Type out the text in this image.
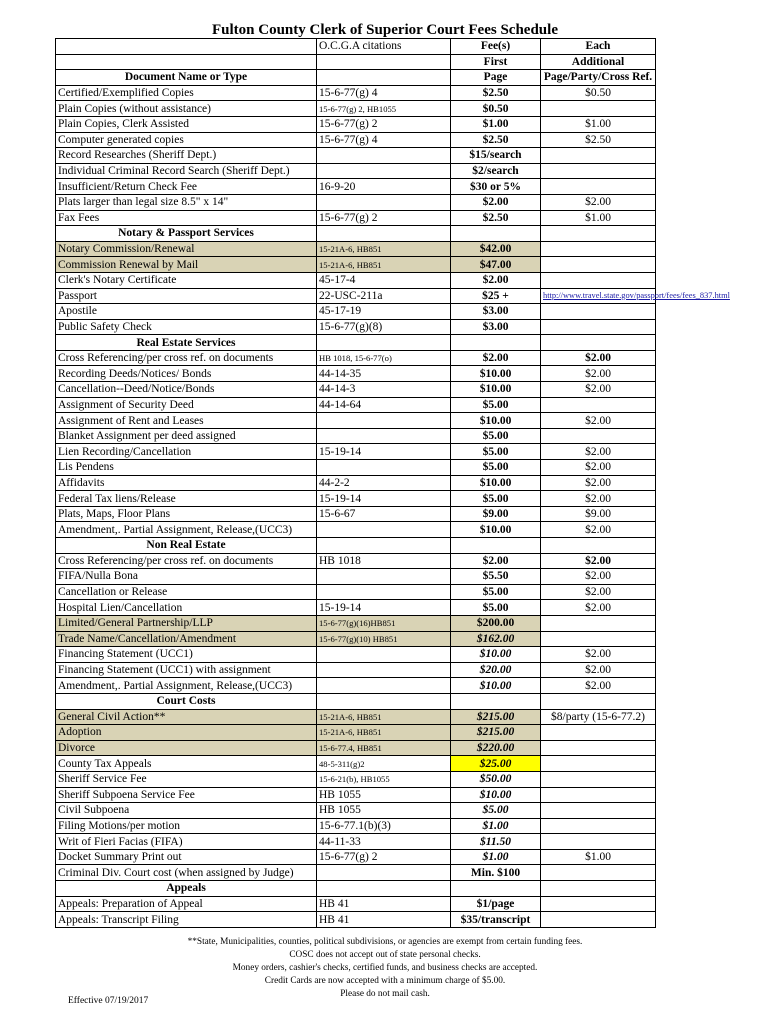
Fulton County Clerk of Superior Court Fees Schedule
	O.C.G.A citations	Fee(s)	Each
		First	Additional
Document Name or Type		Page	Page/Party/Cross Ref.
Certified/Exemplified Copies	15-6-77(g) 4	$2.50	$0.50
Plain Copies (without assistance)	15-6-77(g) 2, HB1055	$0.50	
Plain Copies, Clerk Assisted	15-6-77(g) 2	$1.00	$1.00
Computer generated copies	15-6-77(g) 4	$2.50	$2.50
Record Researches (Sheriff Dept.)		$15/search	
Individual Criminal Record Search (Sheriff Dept.)		$2/search	
Insufficient/Return Check Fee	16-9-20	$30 or 5%	
Plats larger than legal size 8.5" x 14"		$2.00	$2.00
Fax Fees	15-6-77(g) 2	$2.50	$1.00
Notary & Passport Services			
Notary Commission/Renewal	15-21A-6, HB851	$42.00	
Commission Renewal by Mail	15-21A-6, HB851	$47.00	
Clerk's Notary Certificate	45-17-4	$2.00	
Passport	22-USC-211a	$25 +	http://www.travel.state.gov/passport/fees/fees_837.html
Apostile	45-17-19	$3.00	
Public Safety Check	15-6-77(g)(8)	$3.00	
Real Estate Services			
Cross Referencing/per cross ref. on documents	HB 1018, 15-6-77(o)	$2.00	$2.00
Recording Deeds/Notices/ Bonds	44-14-35	$10.00	$2.00
Cancellation--Deed/Notice/Bonds	44-14-3	$10.00	$2.00
Assignment of Security Deed	44-14-64	$5.00	
Assignment of Rent and Leases		$10.00	$2.00
Blanket Assignment per deed assigned		$5.00	
Lien Recording/Cancellation	15-19-14	$5.00	$2.00
Lis Pendens		$5.00	$2.00
Affidavits	44-2-2	$10.00	$2.00
Federal Tax liens/Release	15-19-14	$5.00	$2.00
Plats, Maps, Floor Plans	15-6-67	$9.00	$9.00
Amendment,. Partial Assignment, Release,(UCC3)		$10.00	$2.00
Non Real Estate			
Cross Referencing/per cross ref. on documents	HB 1018	$2.00	$2.00
FIFA/Nulla Bona		$5.50	$2.00
Cancellation or Release		$5.00	$2.00
Hospital Lien/Cancellation	15-19-14	$5.00	$2.00
Limited/General Partnership/LLP	15-6-77(g)(16)HB851	$200.00	
Trade Name/Cancellation/Amendment	15-6-77(g)(10) HB851	$162.00	
Financing Statement (UCC1)		$10.00	$2.00
Financing Statement (UCC1) with assignment		$20.00	$2.00
Amendment,. Partial Assignment, Release,(UCC3)		$10.00	$2.00
Court Costs			
General Civil Action**	15-21A-6, HB851	$215.00	$8/party (15-6-77.2)
Adoption	15-21A-6, HB851	$215.00	
Divorce	15-6-77.4, HB851	$220.00	
County Tax Appeals	48-5-311(g)2	$25.00	
Sheriff Service Fee	15-6-21(b), HB1055	$50.00	
Sheriff Subpoena Service Fee	HB 1055	$10.00	
Civil Subpoena	HB 1055	$5.00	
Filing Motions/per motion	15-6-77.1(b)(3)	$1.00	
Writ of Fieri Facias (FIFA)	44-11-33	$11.50	
Docket Summary Print out	15-6-77(g) 2	$1.00	$1.00
Criminal Div. Court cost (when assigned by Judge)		Min. $100	
Appeals			
Appeals: Preparation of Appeal	HB 41	$1/page	
Appeals: Transcript Filing	HB 41	$35/transcript	
**State, Municipalities, counties, political subdivisions, or agencies are exempt from certain funding fees.
COSC does not accept out of state personal checks.
Money orders, cashier's checks, certified funds, and business checks are accepted.
Credit Cards are now accepted with a minimum charge of $5.00.
Please do not mail cash.
Effective 07/19/2017
